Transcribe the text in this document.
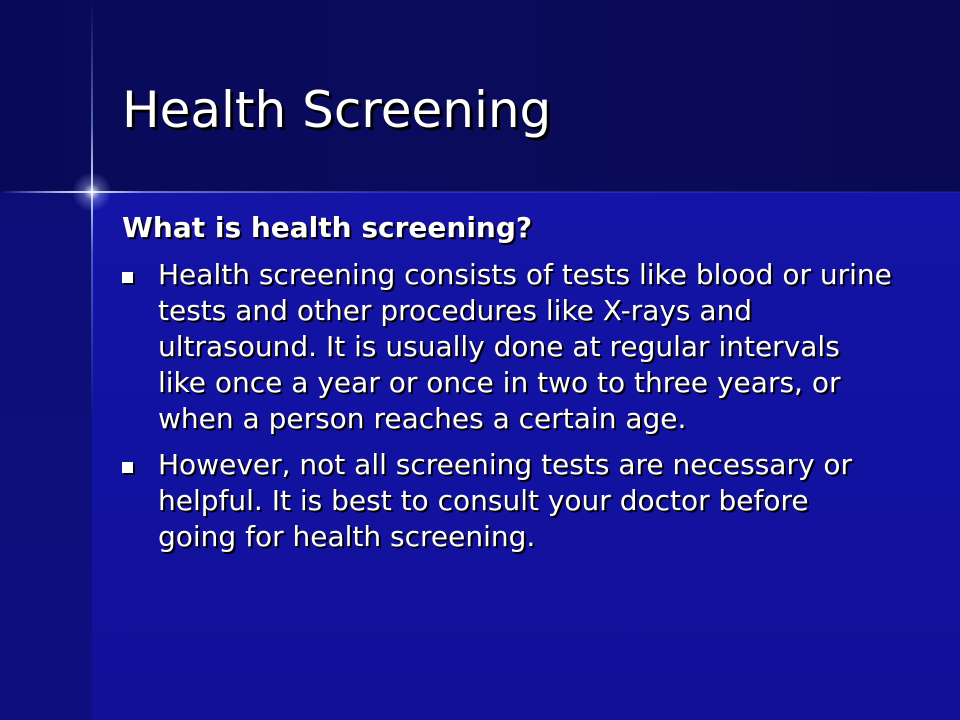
Health Screening

What is health screening?

Health screening consists of tests like blood or urine tests and other procedures like X-rays and ultrasound. It is usually done at regular intervals like once a year or once in two to three years, or when a person reaches a certain age.
However, not all screening tests are necessary or helpful. It is best to consult your doctor before going for health screening.
